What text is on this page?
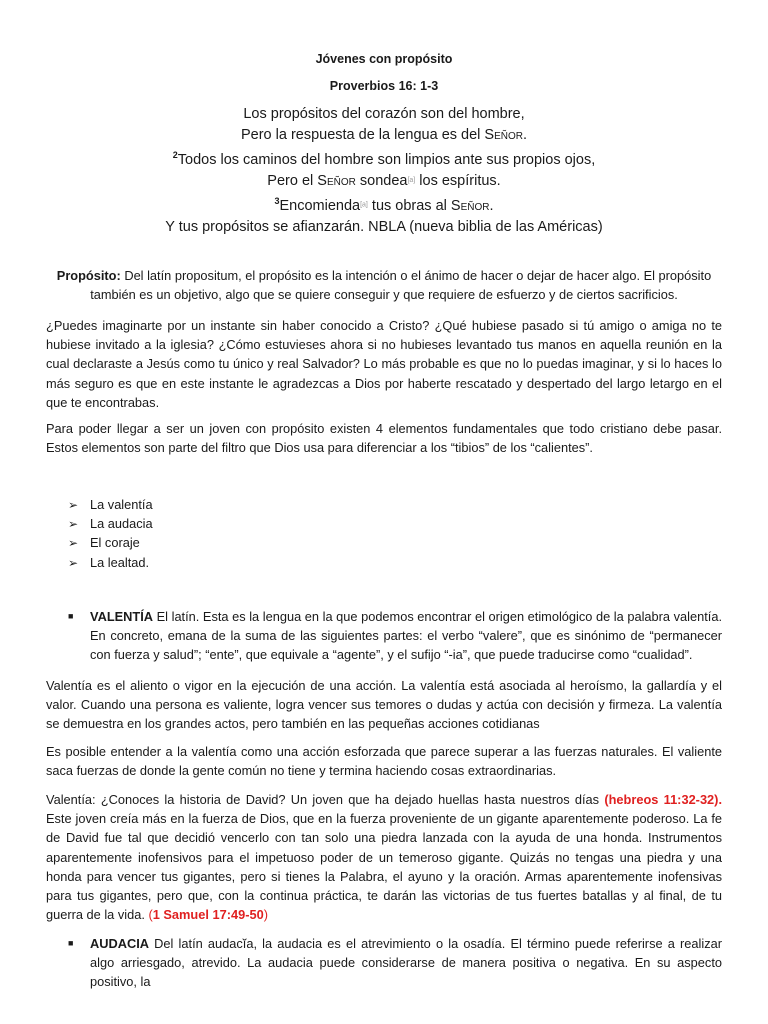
Jóvenes con propósito
Proverbios 16: 1-3
Los propósitos del corazón son del hombre,
Pero la respuesta de la lengua es del Señor.
$^2$Todos los caminos del hombre son limpios ante sus propios ojos,
Pero el Señor sondea[a] los espíritus.
$^3$Encomienda[a] tus obras al Señor.
Y tus propósitos se afianzarán. NBLA (nueva biblia de las Américas)
Propósito: Del latín propositum, el propósito es la intención o el ánimo de hacer o dejar de hacer algo. El propósito también es un objetivo, algo que se quiere conseguir y que requiere de esfuerzo y de ciertos sacrificios.
¿Puedes imaginarte por un instante sin haber conocido a Cristo? ¿Qué hubiese pasado si tú amigo o amiga no te hubiese invitado a la iglesia? ¿Cómo estuvieses ahora si no hubieses levantado tus manos en aquella reunión en la cual declaraste a Jesús como tu único y real Salvador? Lo más probable es que no lo puedas imaginar, y si lo haces lo más seguro es que en este instante le agradezcas a Dios por haberte rescatado y despertado del largo letargo en el que te encontrabas.
Para poder llegar a ser un joven con propósito existen 4 elementos fundamentales que todo cristiano debe pasar. Estos elementos son parte del filtro que Dios usa para diferenciar a los “tibios” de los “calientes”.
➢ La valentía
➢ La audacia
➢ El coraje
➢ La lealtad.
■ VALENTÍA El latín. Esta es la lengua en la que podemos encontrar el origen etimológico de la palabra valentía. En concreto, emana de la suma de las siguientes partes: el verbo “valere”, que es sinónimo de “permanecer con fuerza y salud”; “ente”, que equivale a “agente”, y el sufijo “-ia”, que puede traducirse como “cualidad”.
Valentía es el aliento o vigor en la ejecución de una acción. La valentía está asociada al heroísmo, la gallardía y el valor. Cuando una persona es valiente, logra vencer sus temores o dudas y actúa con decisión y firmeza. La valentía se demuestra en los grandes actos, pero también en las pequeñas acciones cotidianas
Es posible entender a la valentía como una acción esforzada que parece superar a las fuerzas naturales. El valiente saca fuerzas de donde la gente común no tiene y termina haciendo cosas extraordinarias.
Valentía: ¿Conoces la historia de David? Un joven que ha dejado huellas hasta nuestros días (hebreos 11:32-32). Este joven creía más en la fuerza de Dios, que en la fuerza proveniente de un gigante aparentemente poderoso. La fe de David fue tal que decidió vencerlo con tan solo una piedra lanzada con la ayuda de una honda. Instrumentos aparentemente inofensivos para el impetuoso poder de un temeroso gigante. Quizás no tengas una piedra y una honda para vencer tus gigantes, pero si tienes la Palabra, el ayuno y la oración. Armas aparentemente inofensivas para tus gigantes, pero que, con la continua práctica, te darán las victorias de tus fuertes batallas y al final, de tu guerra de la vida. (1 Samuel 17:49-50)
■ AUDACIA Del latín audacĭa, la audacia es el atrevimiento o la osadía. El término puede referirse a realizar algo arriesgado, atrevido. La audacia puede considerarse de manera positiva o negativa. En su aspecto positivo, la
